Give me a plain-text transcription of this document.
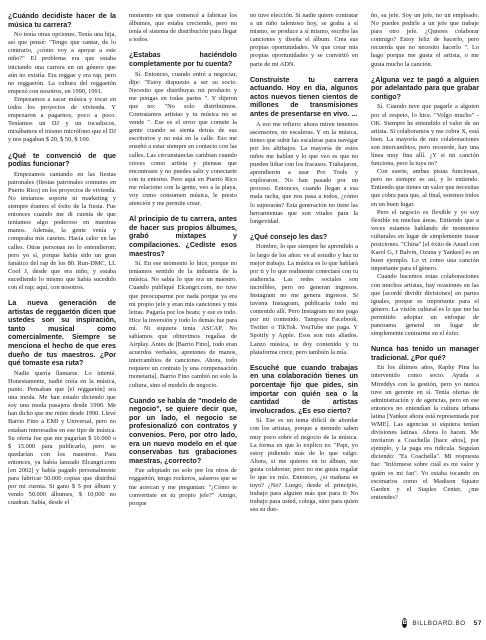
¿Cuándo decidiste hacer de la música tu carrera?

No tenía otras opciones. Tenía una hija, así que pensé: "Tengo que cantar, de lo contrario, ¿cómo voy a apoyar a este niño?" El problema era que estaba iniciando una carrera en un género que aún no existía. Era reggae y era rap, pero no reggaetón. La cultura del reggaetón empezó con nosotros, en 1990, 1991.

Empezamos a sacar música y tocar en todos los proyectos de vivienda. Y empezaron a pagarnos, poco a poco. Teníamos un DJ y un tocadiscos, mixábamos el mismo micrófono que el DJ y nos pagaban $ 20, $ 50, $ 100.

¿Qué te convenció de que podías funcionar?

Empezamos cantando en las fiestas patronales (fiestas patronales comunes en Puerto Rico) en los proyectos de vivienda. No teníamos soporte ni marketing y siempre éramos el éxito de la fiesta. Fue entonces cuando me di cuenta de que teníamos algo poderoso en nuestras manos. Además, la gente venía y compraba mis casetes. Hacía calor en las calles. Otras personas no lo entendieron; pero yo sí, porque había sido un gran fanático del rap de los 80. Run-DMC, LL Cool J, desde que era niño, y estaba sucediendo lo mismo que había sucedido con el rap; aquí, con nosotros.

La nueva generación de artistas de reggaetón dicen que ustedes son su inspiración, tanto musical como comercialmente. Siempre se menciona el hecho de que eres dueño de tus maestros. ¿Por qué tomaste esa ruta?

Nadie quería llamarse. Lo intenté. Honestamente, nadie creía en la música, punto. Pensaban que [el reggaetón] era una moda. Me han estado diciendo que soy una moda pasajera desde 1990. Me han dicho que me retire desde 1990. Llevé Barrio Fino a EMI y Universal, pero no estaban interesados en ese tipo de música. Su oferta fue que me pagarían $ 10.000 o $ 15.000 para publicarlo, pero se quedarían con los maestros. Para entonces, ya había lanzado Elcangri.com [en 2002] y había pagado personalmente para fabricar 50.000 copias que distribuí por mi cuenta. Si gano $ 5 por álbum y vendo 50.000 álbumes, $ 10,000 no cuadran. Sabía, desde el

momento en que comencé a fabricar los álbumes, que estaba creciendo, pero no tenía el sistema de distribución para llegar a todos.

¿Estabas haciéndolo completamente por tu cuenta?

Sí. Entonces, cuando entré a negociar, dije: "Estoy dispuesto a ser su socio. Necesito que distribuyas mi producto y me pongas en todas partes ". Y dijeron que no: "No solo distribuimos. Contratamos artistas y tu música no se vende ". Ese es el error que comete la gente cuando se sienta detrás de sus escritorios y no está en la calle. Eso me enseñó a estar siempre en contacto con las calles. Las circunstancias cambian cuando creces como artista y piensas que encontraste y no puedes salir y conectarte con tu entorno. Pero aquí en Puerto Rico me relaciono con la gente, veo a la playa, voy como consumen música, le presto atención y me permite crear.

Al principio de tu carrera, antes de hacer sus propios álbumes, grabó mixtapes y compilaciones. ¿Cedíste esos maestros?

Sí. En ese momento lo hice, porque no teníamos sentido de la industria de la música. No sabía lo que era un maestro. Cuando publiqué Elcangri.com, no tuve que preocuparme por nada porque ya era mi propio jefe y eran mis canciones y mis letras. Pagaría por los beats; y ese es todo. Hice la inversión y todo lo demás fue para mí. Ni siquiera tenía ASCAP. No sabíamos que obtuvimos regalías de Airplay. Antes de [Barrio Fino], todo eran acuerdos verbales, apretones de manos, intercambios de canciones. Ahora, todo requiere un contrato [y una compensación monetaria]. Barrio Fino cambió no solo la cultura, sino el modelo de negocio.

Cuando se habla de "modelo de negocio", se quiere decir que, por un lado, el negocio se profesionalizó con contratos y convenios. Pero, por otro lado, era un nuevo modelo en el que conservabas tus grabaciones maestras, ¿correcto?

Fue adoptado no solo por los otros de reggaetón, tengo rockeros, salseros que se me acercan y me preguntan: "¿Cómo te convertiste en tu propio jefe?" Amigo, porque

no tuve elección. Si nadie quiere contratar a un niño talentoso hoy, se graba a sí mismo, se produce a sí mismo, escribe las canciones y diseña el álbum. Crea sus propias oportunidades. Ve que crear mis propias oportunidades y se convirtió en parte de mi ADN.

Construiste tu carrera actuando. Hoy en día, algunos actos nuevos tienen cientos de millones de transmisiones antes de presentarse en vivo. ...

A eso me refiero: ahora miren tenemos ascensores, no escaleras. Y en la música, tienes que subir las escaleras para navegar por los altibajos. La mayoría de estos niños me hablan y lo que veo es que no pueden lidiar con los fracasos. Trabajaron, aprendieron a usar Pro Tools y exploraron. No han pasado por un proceso. Entonces, cuando llegan a esa mala racha, que nos pasa a todos, ¿cómo lo superarán? Esta generación no tiene las herramientas que son vitales para la longevidad.

¿Qué consejo les das?

Hombre, lo que siempre he aprendido a lo largo de los años: ve al estudio y haz tu mejor trabajo. La música es lo que hablará por ti y lo que realmente conectará con tu audiencia. Las redes sociales son increíbles, pero no generan ingresos. Instagram no me genera ingresos. Si tuviera Instagram, publicaría todo mi contenido allí. Pero Instagram no me paga por mi contenido. Tampoco Facebook, Twitter o TikTok. YouTube me paga. Y Spotify y Apple. Esos son mis aliados. Lanzo música, te doy contenido y tu plataforma crece, pero también la mía.

Escuché que cuando trabajas en una colaboración tienes un porcentaje fijo que pides, sin importar con quién sea o la cantidad de artistas involucrados. ¿Es eso cierto?

Sí. Ese es un tema difícil de abordar con los artistas, porque a menudo saben muy poco sobre el negocio de la música. La forma en que lo explico es: "Papi, yo estoy pidiendo más de lo que valgo. Ahora, si me quieres en tu álbum, me gusta colaborar; pero no me gusta regalar lo que es mío. Entonces, ¿si mañana es tuyo? ¿No? Luego, desde el principio, trabajo para alguien más que para ti: No trabajo para usted, colega, sino para quien sea su due-

ño, su jefe. Soy un jefe, no un empleado. No puedes pedirle a un jefe que trabaje para otro jefe. ¿Quieres colaborar conmigo? Estoy feliz de hacerlo, pero recuerda que no necesito hacerlo ". Lo hago porque me gusta el artista, o me gusta mucho la canción.

¿Alguna vez te pagó a alguien por adelantado para que grabar contigo?

Sí. Cuando tuve que pagarle a alguien por el respeto, lo hice. "Volgo mucho" - OK. Siempre he entendido el valor de un artista. Si colaboramos y me cobra X, está bien. La mayoría de mis colaboraciones son intercambios, pero recuerde, hay una línea muy fina allí. ¿Y si mi canción funciona, pero la tuya no?

Con suerte, ambas pistas funcionan, pero no siempre es así, y lo entiendo. Entiendo que tienes un valor que necesitas que cobra para que, al final, estemos todos en un buen lugar.

Pero el negocio es flexible y yo soy flexible en muchas áreas. Entiendo que a veces estamos hablando de momentos culturales en lugar de simplemente trazar posiciones. "China" [el éxito de Anuel con Karol G, J Balvin, Ozuna y Yankee] es un buen ejemplo. Lo vi como una canción importante para el género.

Cuando hacemos estas colaboraciones con muchos artistas, hay ocasiones en las que [acordé dividir divisiones] en partes iguales, porque es importante para el género. La visión cultural es lo que me ha permitido adoptar un enfoque de panorama general en lugar de simplemente centrarme en el éxito.

Nunca has tenido un manager tradicional. ¿Por qué?

En los últimos años, Raphy Pina ha intervenido como socio. Ayuda a Mireddys con la gestión, pero yo nunca tuve un gerente en sí. Tenía ofertas de administración y de agencias, pero en ese entonces no entendían la cultura urbana latina [Yankee ahora está representada por WME]. Las agencias si siquiera tenían divisiones latinas. Ahora lo hacen. Me invitaron a Coachella [hace años], por ejemplo, y la paga era ridícula. Seguían diciendo: "Es Coachella". Mi respuesta fue: "Infórmese sobre cuál es mi valor y quién es mi fan". Yo estaba tocando en escenarios como el Madison Square Garden y el Staples Center, ¿me entiendes?

B BILLBOARD.BO 57
